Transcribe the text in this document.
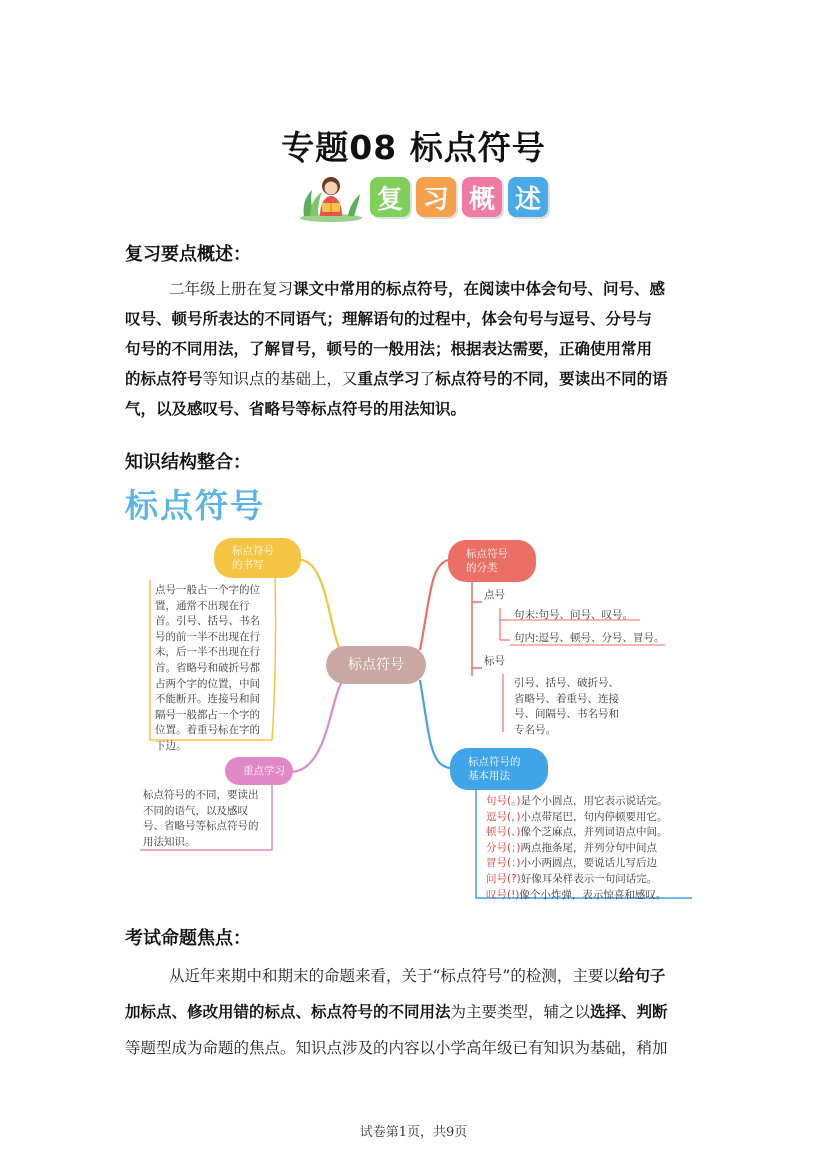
专题08 标点符号
复 习 概 述
复习要点概述：
二年级上册在复习课文中常用的标点符号，在阅读中体会句号、问号、感
叹号、顿号所表达的不同语气；理解语句的过程中，体会句号与逗号、分号与
句号的不同用法，了解冒号，顿号的一般用法；根据表达需要，正确使用常用
的标点符号等知识点的基础上，又重点学习了标点符号的不同，要读出不同的语
气，以及感叹号、省略号等标点符号的用法知识。
知识结构整合：
标点符号
标点符号
标点符号
的书写
点号一般占一个字的位
置，通常不出现在行
首。引号、括号、书名
号的前一半不出现在行
末，后一半不出现在行
首。省略号和破折号都
占两个字的位置，中间
不能断开。连接号和间
隔号一般都占一个字的
位置。着重号标在字的
下边。
重点学习
标点符号的不同，要读出
不同的语气，以及感叹
号、省略号等标点符号的
用法知识。
标点符号
的分类
点号
句末:句号、问号、叹号。
句内:逗号、顿号、分号、冒号。
标号
引号、括号、破折号、
省略号、着重号、连接
号、间隔号、书名号和
专名号。
标点符号的
基本用法
句号(。)是个小圆点，用它表示说话完。
逗号(，)小点带尾巴，句内停顿要用它。
顿号(、)像个芝麻点，并列词语点中间。
分号(；)两点拖条尾，并列分句中间点
冒号(：)小小两圆点，要说话儿写后边
问号(?)好像耳朵样表示一句问话完。
叹号(!)像个小炸弹，表示惊喜和感叹。
考试命题焦点：
从近年来期中和期末的命题来看，关于“标点符号”的检测，主要以给句子
加标点、修改用错的标点、标点符号的不同用法为主要类型，辅之以选择、判断
等题型成为命题的焦点。知识点涉及的内容以小学高年级已有知识为基础，稍加
试卷第1页，共9页
